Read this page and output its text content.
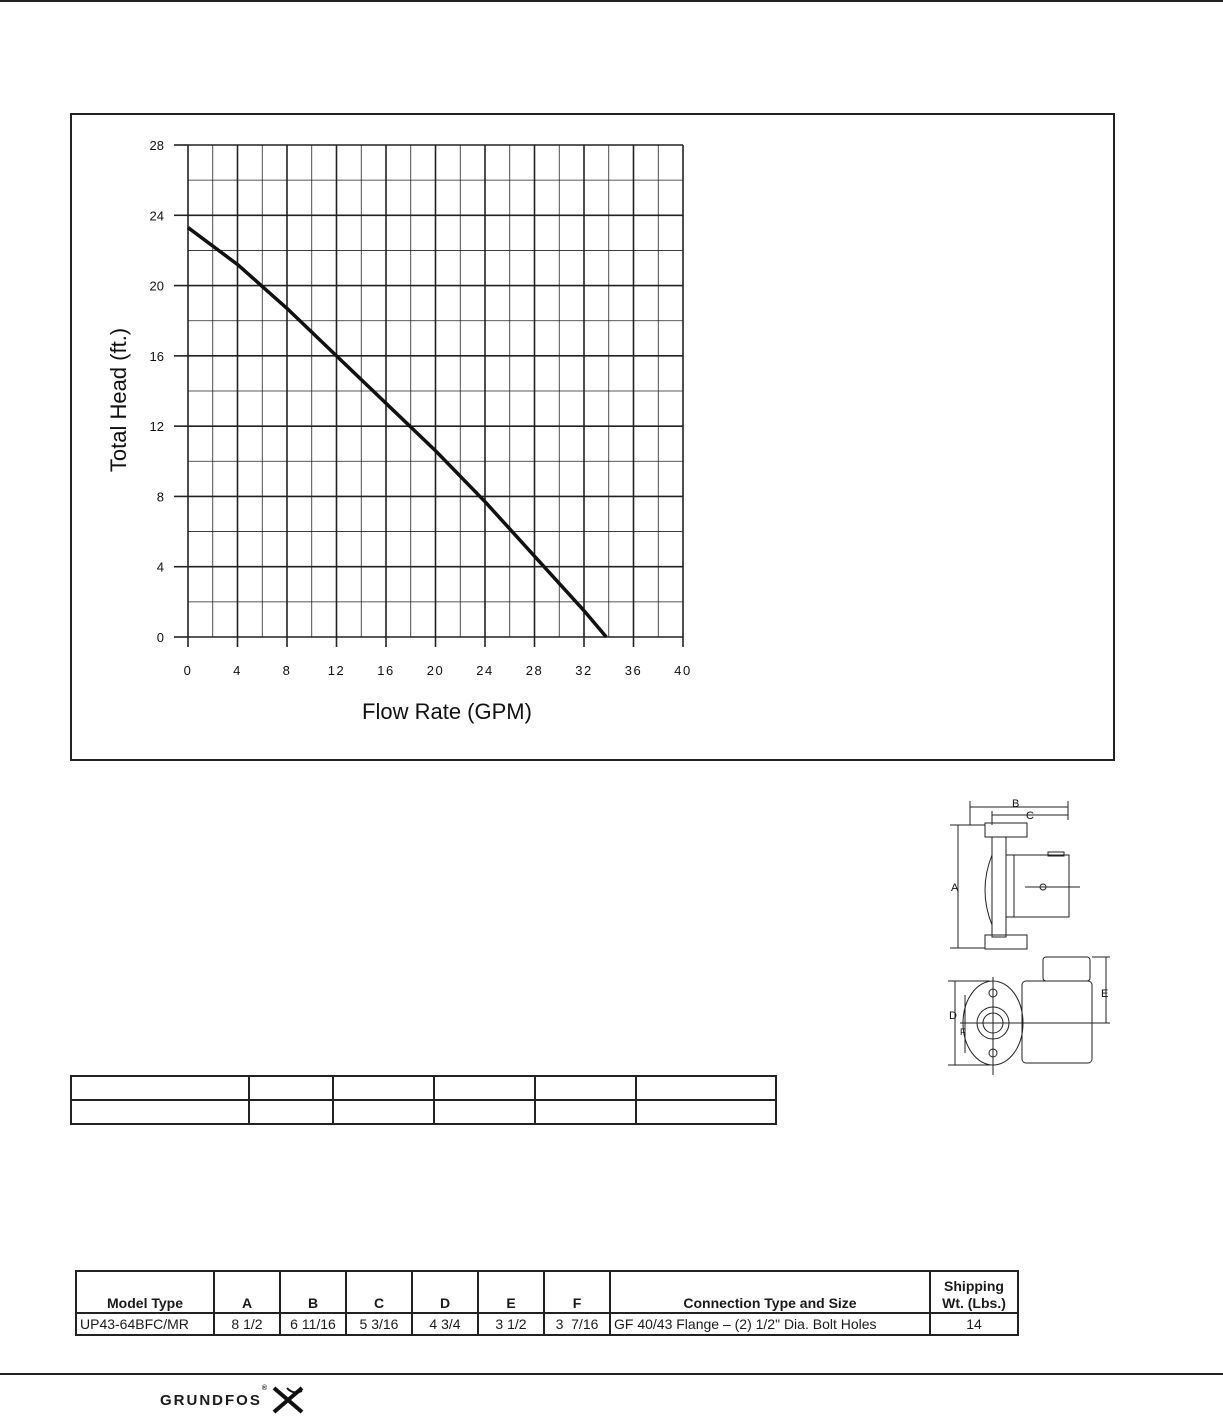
0
4
8
12
16
20
24
28
0	4	8	12 16 20 24 28 32 36 40
Flow Rate (GPM)
Total Head (ft.)
B
C
A
E
D
F

Model Type	A	B	C	D	E	F	Connection Type and Size	Shipping
Wt. (Lbs.)
UP43-64BFC/MR	8 1/2	6 11/16	5 3/16	4 3/4	3 1/2	3  7/16	GF 40/43 Flange – (2) 1/2" Dia. Bolt Holes	14
GRUNDFOS
®
